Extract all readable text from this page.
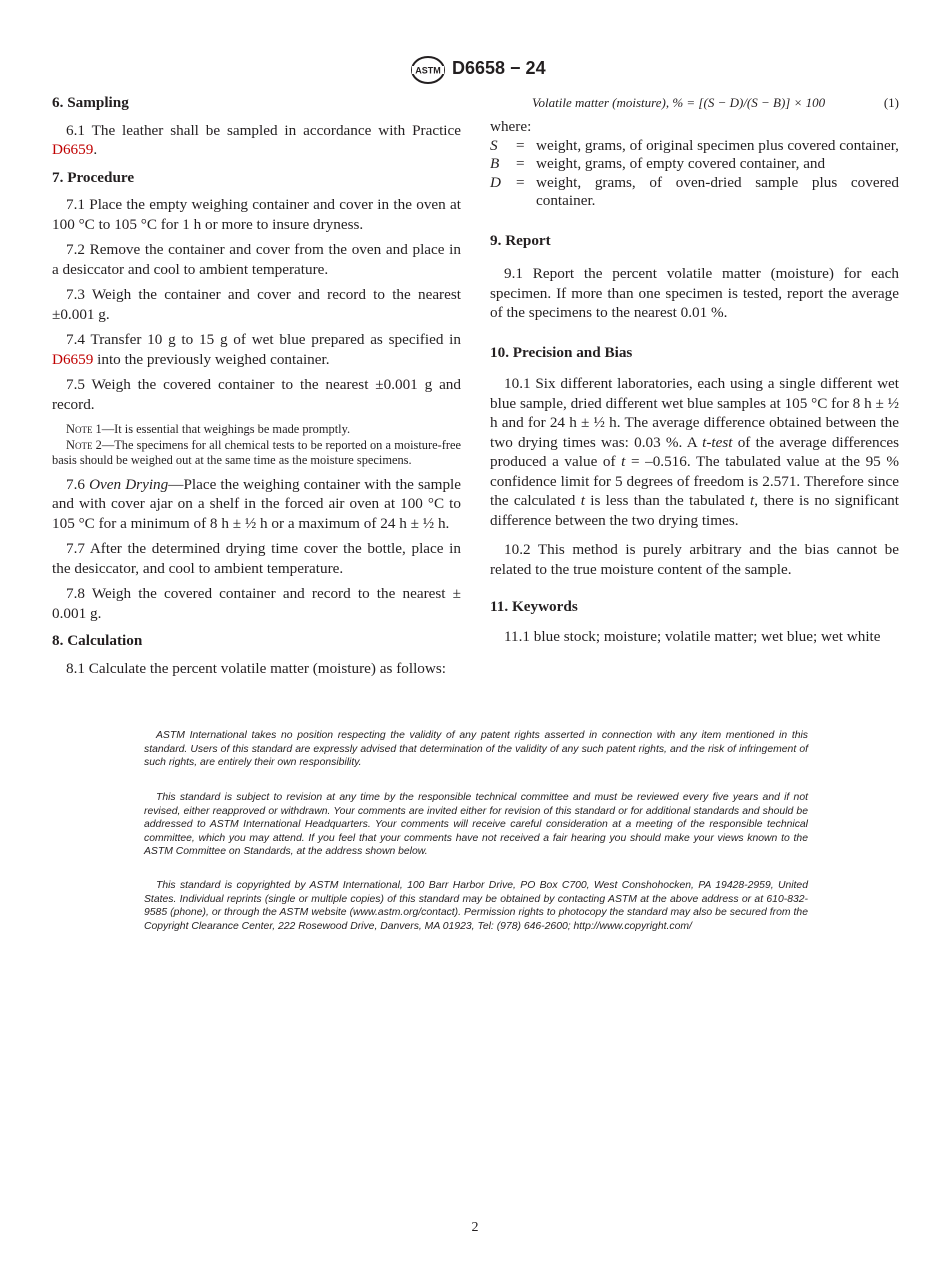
ASTM D6658 − 24
6. Sampling
6.1 The leather shall be sampled in accordance with Practice D6659.
7. Procedure
7.1 Place the empty weighing container and cover in the oven at 100 °C to 105 °C for 1 h or more to insure dryness.
7.2 Remove the container and cover from the oven and place in a desiccator and cool to ambient temperature.
7.3 Weigh the container and cover and record to the nearest ±0.001 g.
7.4 Transfer 10 g to 15 g of wet blue prepared as specified in D6659 into the previously weighed container.
7.5 Weigh the covered container to the nearest ±0.001 g and record.
Note 1—It is essential that weighings be made promptly.
Note 2—The specimens for all chemical tests to be reported on a moisture-free basis should be weighed out at the same time as the moisture specimens.
7.6 Oven Drying—Place the weighing container with the sample and with cover ajar on a shelf in the forced air oven at 100 °C to 105 °C for a minimum of 8 h ± ½ h or a maximum of 24 h ± ½ h.
7.7 After the determined drying time cover the bottle, place in the desiccator, and cool to ambient temperature.
7.8 Weigh the covered container and record to the nearest ± 0.001 g.
8. Calculation
8.1 Calculate the percent volatile matter (moisture) as follows:
Volatile matter (moisture), % = [(S − D)/(S − B)] × 100	(1)
where:
S	= weight, grams, of original specimen plus covered container,
B	= weight, grams, of empty covered container, and
D = weight, grams, of oven-dried sample plus covered container.
9. Report
9.1 Report the percent volatile matter (moisture) for each specimen. If more than one specimen is tested, report the average of the specimens to the nearest 0.01 %.
10. Precision and Bias
10.1 Six different laboratories, each using a single different wet blue sample, dried different wet blue samples at 105 °C for 8 h ± ½ h and for 24 h ± ½ h. The average difference obtained between the two drying times was: 0.03 %. A t-test of the average differences produced a value of t = –0.516. The tabulated value at the 95 % confidence limit for 5 degrees of freedom is 2.571. Therefore since the calculated t is less than the tabulated t, there is no significant difference between the two drying times.
10.2 This method is purely arbitrary and the bias cannot be related to the true moisture content of the sample.
11. Keywords
11.1 blue stock; moisture; volatile matter; wet blue; wet white

ASTM International takes no position respecting the validity of any patent rights asserted in connection with any item mentioned in this standard. Users of this standard are expressly advised that determination of the validity of any such patent rights, and the risk of infringement of such rights, are entirely their own responsibility.

This standard is subject to revision at any time by the responsible technical committee and must be reviewed every five years and if not revised, either reapproved or withdrawn. Your comments are invited either for revision of this standard or for additional standards and should be addressed to ASTM International Headquarters. Your comments will receive careful consideration at a meeting of the responsible technical committee, which you may attend. If you feel that your comments have not received a fair hearing you should make your views known to the ASTM Committee on Standards, at the address shown below.

This standard is copyrighted by ASTM International, 100 Barr Harbor Drive, PO Box C700, West Conshohocken, PA 19428-2959, United States. Individual reprints (single or multiple copies) of this standard may be obtained by contacting ASTM at the above address or at 610-832-9585 (phone), or through the ASTM website (www.astm.org/contact). Permission rights to photocopy the standard may also be secured from the Copyright Clearance Center, 222 Rosewood Drive, Danvers, MA 01923, Tel: (978) 646-2600; http://www.copyright.com/

2
